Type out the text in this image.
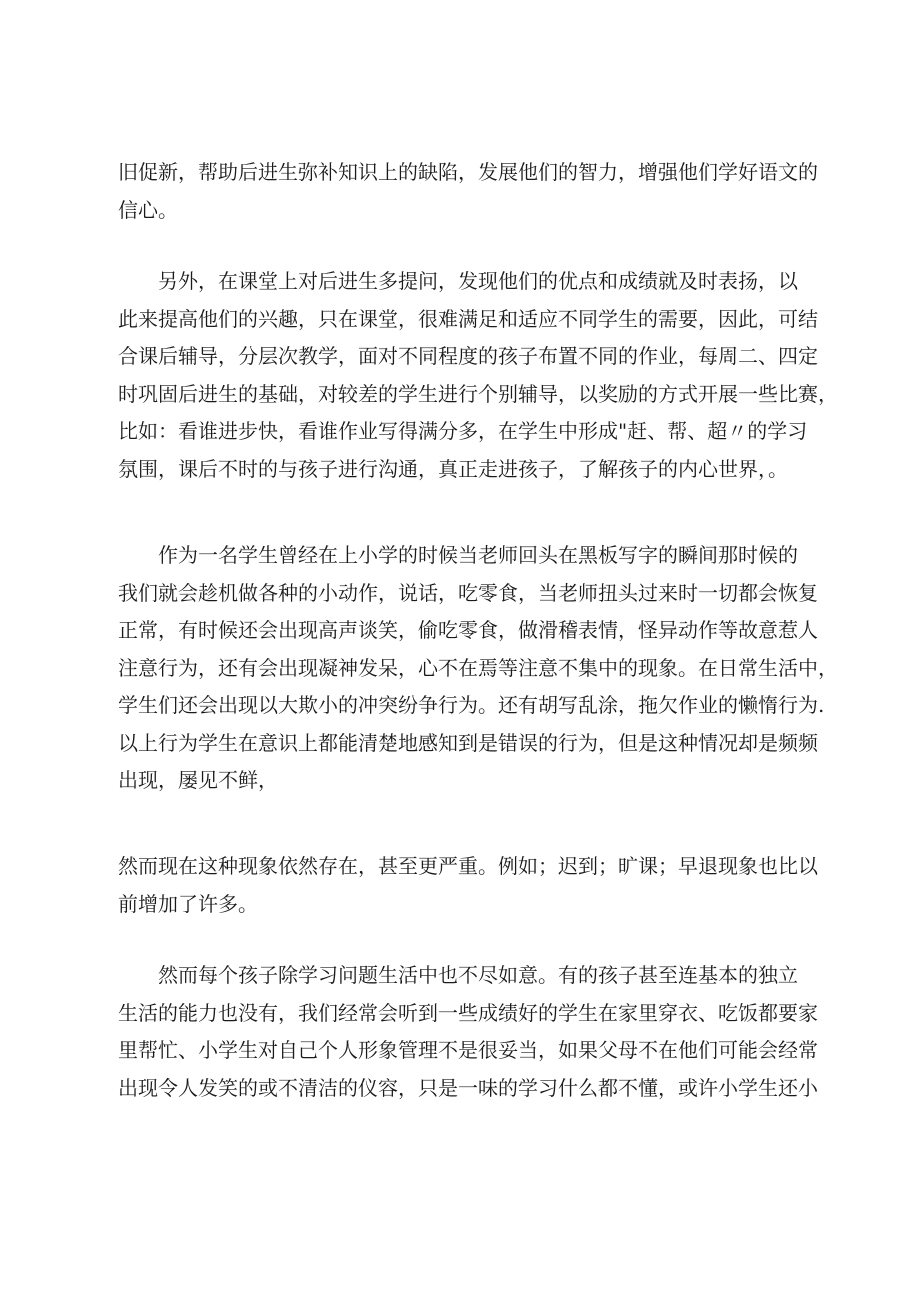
旧促新，帮助后进生弥补知识上的缺陷，发展他们的智力，增强他们学好语文的
信心。

另外，在课堂上对后进生多提问，发现他们的优点和成绩就及时表扬，以
此来提高他们的兴趣，只在课堂，很难满足和适应不同学生的需要，因此，可结
合课后辅导，分层次教学，面对不同程度的孩子布置不同的作业，每周二、四定
时巩固后进生的基础，对较差的学生进行个别辅导，以奖励的方式开展一些比赛，
比如：看谁进步快，看谁作业写得满分多，在学生中形成"赶、帮、超〃的学习
氛围，课后不时的与孩子进行沟通，真正走进孩子，了解孩子的内心世界，。

作为一名学生曾经在上小学的时候当老师回头在黑板写字的瞬间那时候的
我们就会趁机做各种的小动作，说话，吃零食，当老师扭头过来时一切都会恢复
正常，有时候还会出现高声谈笑，偷吃零食，做滑稽表情，怪异动作等故意惹人
注意行为，还有会出现凝神发呆，心不在焉等注意不集中的现象。在日常生活中，
学生们还会出现以大欺小的冲突纷争行为。还有胡写乱涂，拖欠作业的懒惰行为.
以上行为学生在意识上都能清楚地感知到是错误的行为，但是这种情况却是频频
出现，屡见不鲜，

然而现在这种现象依然存在，甚至更严重。例如；迟到；旷课；早退现象也比以
前增加了许多。

然而每个孩子除学习问题生活中也不尽如意。有的孩子甚至连基本的独立
生活的能力也没有，我们经常会听到一些成绩好的学生在家里穿衣、吃饭都要家
里帮忙、小学生对自己个人形象管理不是很妥当，如果父母不在他们可能会经常
出现令人发笑的或不清洁的仪容，只是一味的学习什么都不懂，或许小学生还小
